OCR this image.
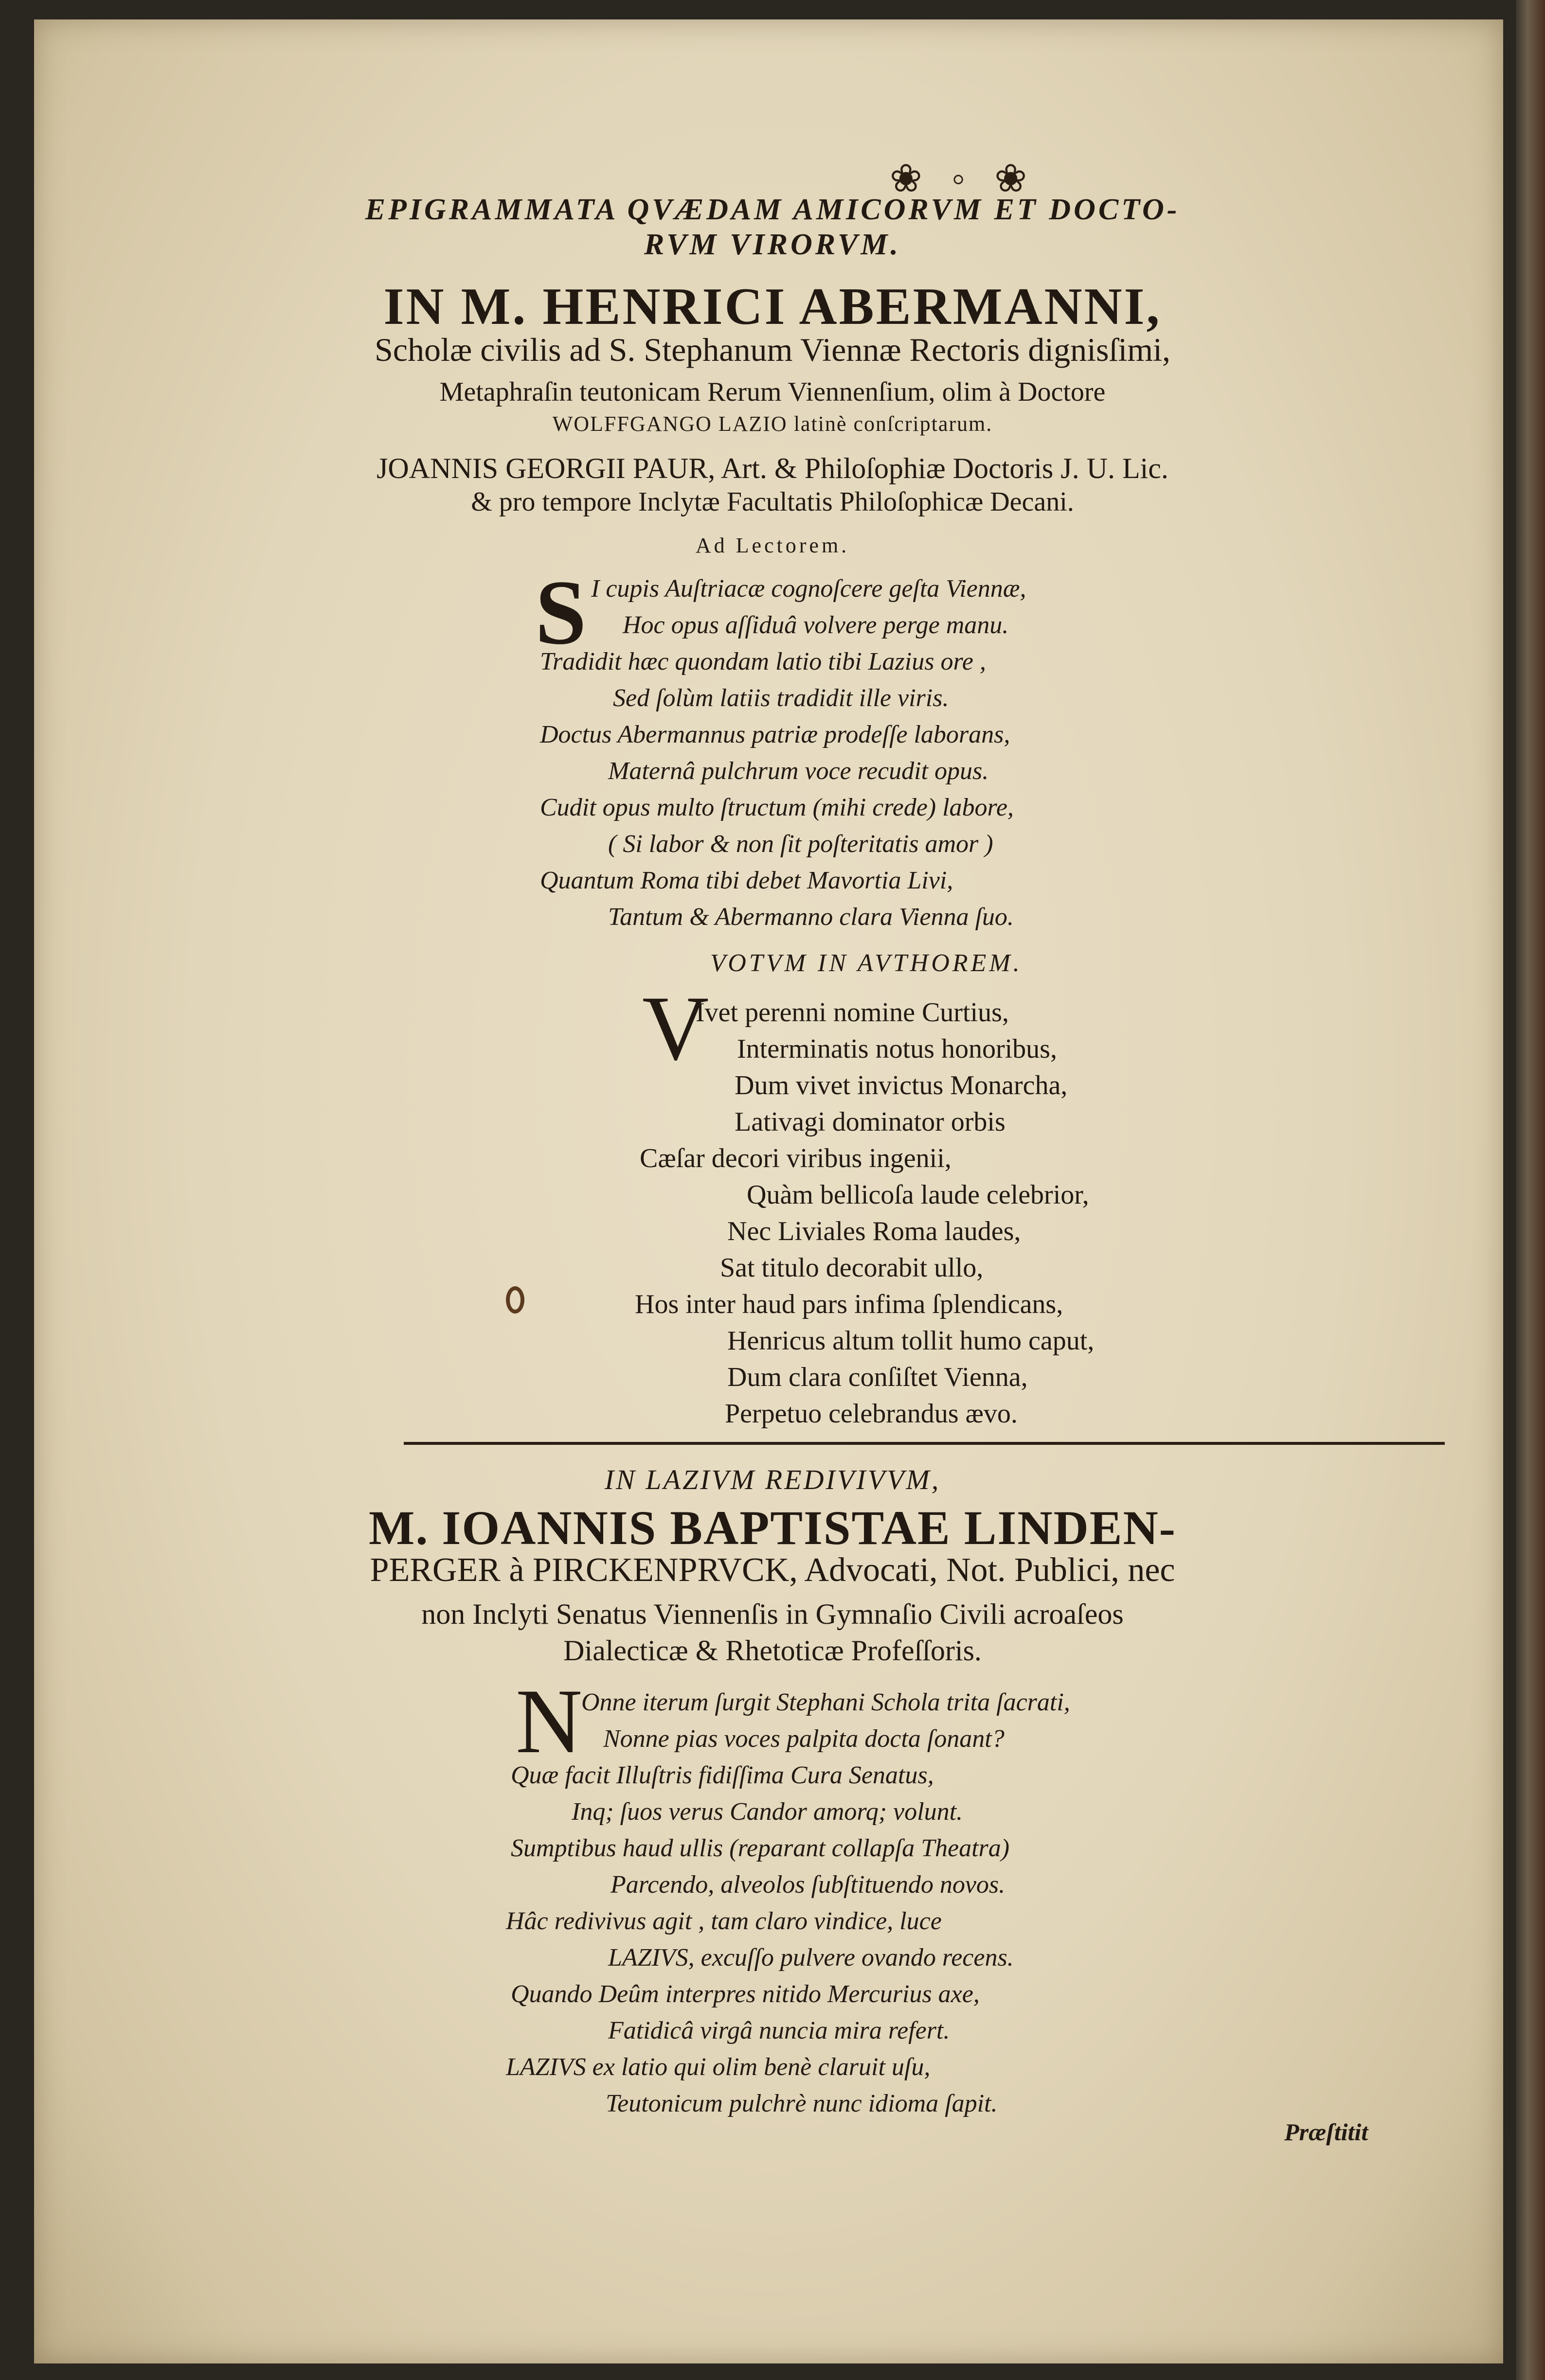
❀ ◦ ❀
EPIGRAMMATA QVÆDAM AMICORVM ET DOCTO-
RVM VIRORVM.
IN M. HENRICI ABERMANNI,
Scholæ civilis ad S. Stephanum Viennæ Rectoris dignisſimi,
Metaphraſin teutonicam Rerum Viennenſium, olim à Doctore
WOLFFGANGO LAZIO latinè conſcriptarum.
JOANNIS GEORGII PAUR, Art. & Philoſophiæ Doctoris J. U. Lic.
& pro tempore Inclytæ Facultatis Philoſophicæ Decani.
Ad Lectorem.
S I cupis Auſtriacæ cognoſcere geſta Viennæ,
Hoc opus aſſiduâ volvere perge manu.
Tradidit hæc quondam latio tibi Lazius ore ,
Sed ſolùm latiis tradidit ille viris.
Doctus Abermannus patriæ prodeſſe laborans,
Maternâ pulchrum voce recudit opus.
Cudit opus multo ſtructum (mihi crede) labore,
( Si labor & non ſit poſteritatis amor )
Quantum Roma tibi debet Mavortia Livi,
Tantum & Abermanno clara Vienna ſuo.
VOTVM IN AVTHOREM.
V
Ivet perenni nomine Curtius,
Interminatis notus honoribus,
Dum vivet invictus Monarcha,
Lativagi dominator orbis
Cæſar decori viribus ingenii,
Quàm bellicoſa laude celebrior,
Nec Liviales Roma laudes,
Sat titulo decorabit ullo,
Hos inter haud pars infima ſplendicans,
Henricus altum tollit humo caput,
Dum clara conſiſtet Vienna,
Perpetuo celebrandus ævo.
IN LAZIVM REDIVIVVM,
M. IOANNIS BAPTISTAE LINDEN-
PERGER à PIRCKENPRVCK, Advocati, Not. Publici, nec
non Inclyti Senatus Viennenſis in Gymnaſio Civili acroaſeos
Dialecticæ & Rhetoticæ Profeſſoris.
N
Onne iterum ſurgit Stephani Schola trita ſacrati,
Nonne pias voces palpita docta ſonant?
Quæ facit Illuſtris fidiſſima Cura Senatus,
Inq; ſuos verus Candor amorq; volunt.
Sumptibus haud ullis (reparant collapſa Theatra)
Parcendo, alveolos ſubſtituendo novos.
Hâc redivivus agit , tam claro vindice, luce
LAZIVS, excuſſo pulvere ovando recens.
Quando Deûm interpres nitido Mercurius axe,
Fatidicâ virgâ nuncia mira refert.
LAZIVS ex latio qui olim benè claruit uſu,
Teutonicum pulchrè nunc idioma ſapit.
Præſtitit
